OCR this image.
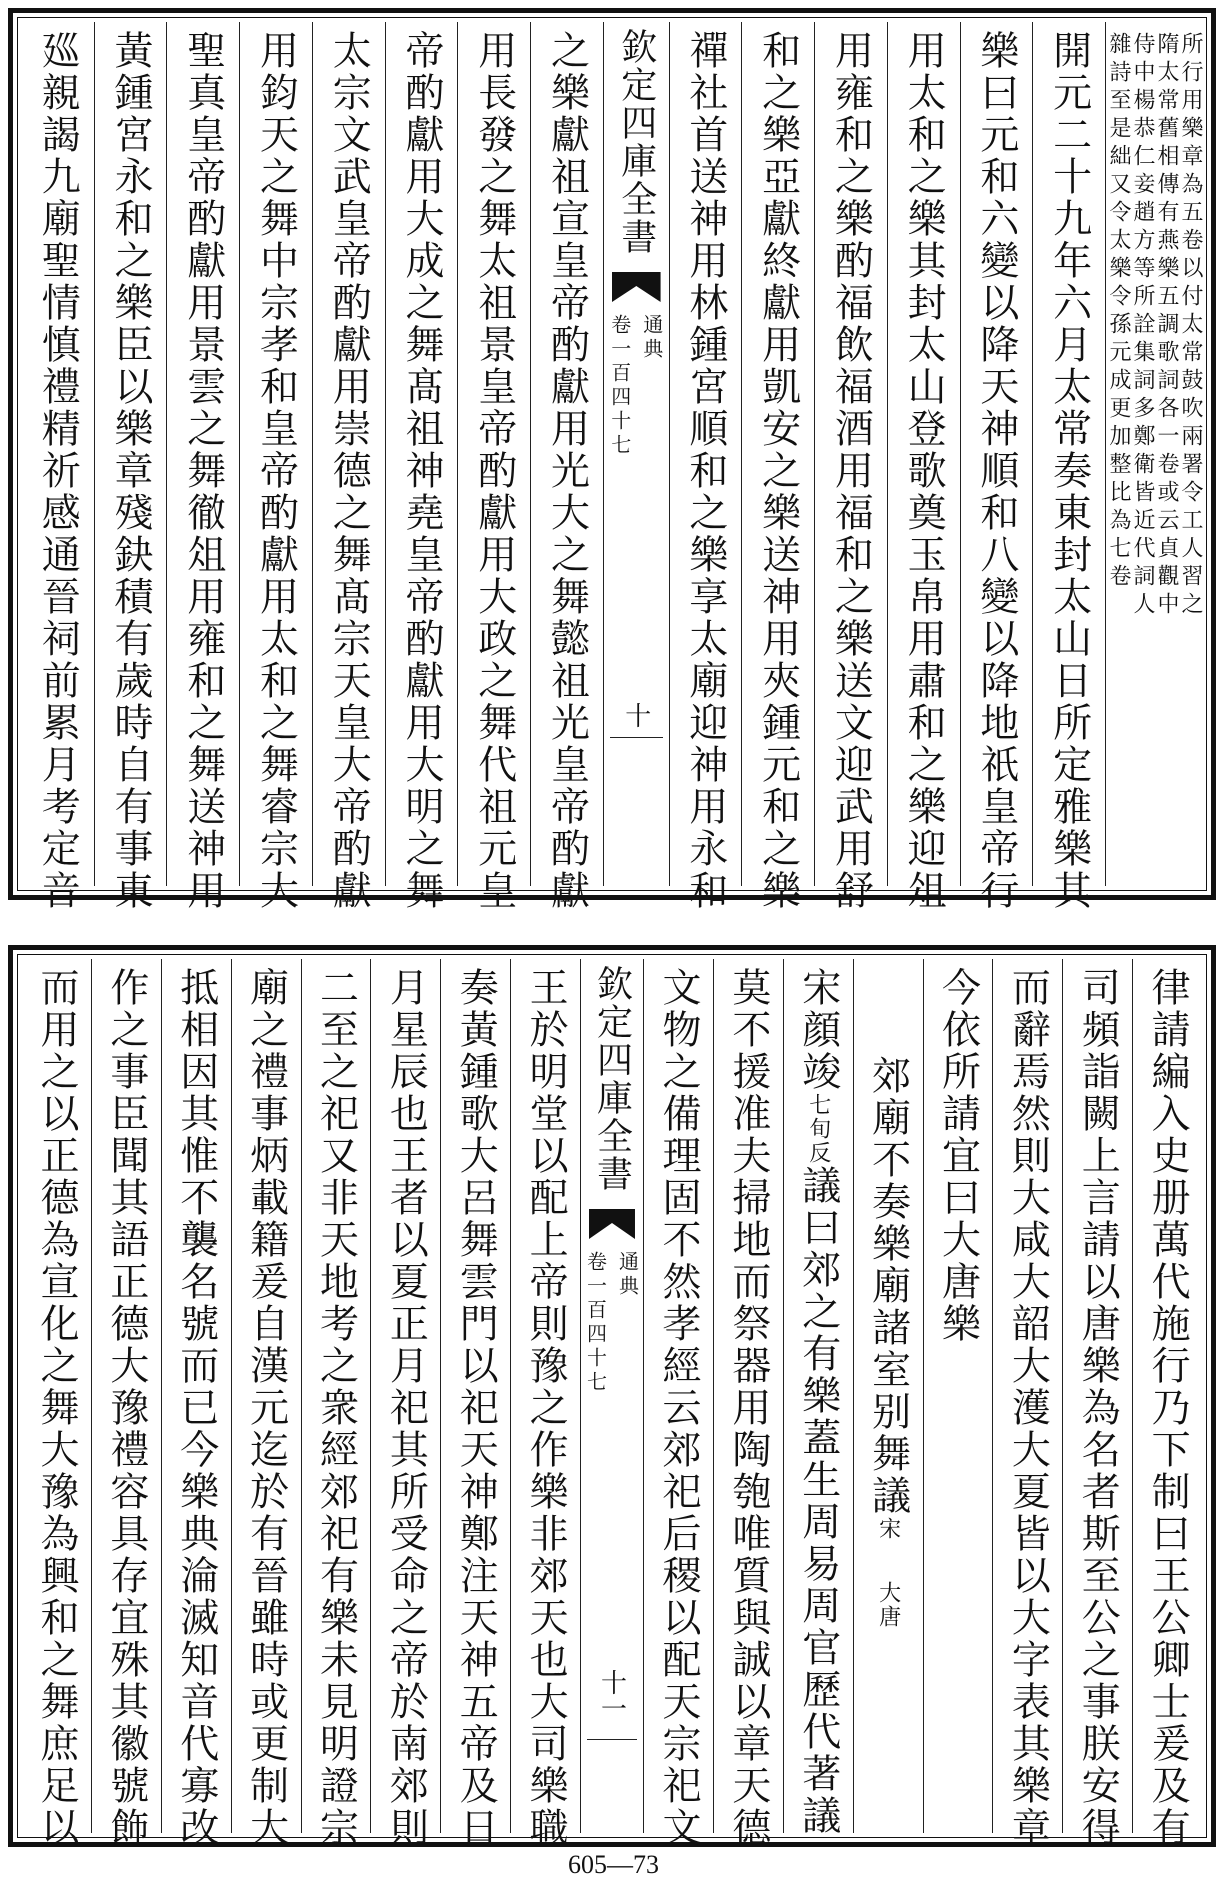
所行用樂章為五卷以付太常鼓吹兩署令工人習之
隋太常舊相傳有燕樂五調歌詞各一卷或云貞觀中
侍中楊恭仁妾趙方等所詮集詞多鄭衛皆近代詞人
雜詩至是絀又令太樂令孫元成更加整比為七卷
開元二十九年六月太常奏東封太山日所定雅樂其
樂曰元和六變以降天神順和八變以降地祇皇帝行
用太和之樂其封太山登歌奠玉帛用肅和之樂迎俎
用雍和之樂酌福飲福酒用福和之樂送文迎武用舒
和之樂亞獻終獻用凱安之樂送神用夾鍾元和之樂
禪社首送神用林鍾宮順和之樂享太廟迎神用永和
欽定四庫全書
通典
卷一百四十七
十
之樂獻祖宣皇帝酌獻用光大之舞懿祖光皇帝酌獻
用長發之舞太祖景皇帝酌獻用大政之舞代祖元皇
帝酌獻用大成之舞髙祖神堯皇帝酌獻用大明之舞
太宗文武皇帝酌獻用崇德之舞髙宗天皇大帝酌獻
用鈞天之舞中宗孝和皇帝酌獻用太和之舞睿宗大
聖真皇帝酌獻用景雲之舞徹俎用雍和之舞送神用
黃鍾宮永和之樂臣以樂章殘鈌積有歲時自有事東
廵親謁九廟聖情慎禮精祈感通晉祠前累月考定音
律請編入史册萬代施行乃下制曰王公卿士爰及有
司頻詣闕上言請以唐樂為名者斯至公之事朕安得
而辭焉然則大咸大韶大濩大夏皆以大字表其樂章
今依所請宜曰大唐樂
郊廟不奏樂廟諸室别舞議宋大唐
宋顔竣七旬反議曰郊之有樂蓋生周易周官歷代著議
莫不援准夫掃地而祭器用陶匏唯質與誠以章天德
文物之備理固不然孝經云郊祀后稷以配天宗祀文
欽定四庫全書
通典
卷一百四十七
十一
王於明堂以配上帝則豫之作樂非郊天也大司樂職
奏黃鍾歌大呂舞雲門以祀天神鄭注天神五帝及日
月星辰也王者以夏正月祀其所受命之帝於南郊則
二至之祀又非天地考之衆經郊祀有樂未見明證宗
廟之禮事炳載籍爰自漢元迄於有晉雖時或更制大
抵相因其惟不襲名號而已今樂典淪滅知音代寡改
作之事臣聞其語正德大豫禮容具存宜殊其徽號飾
而用之以正德為宣化之舞大豫為興和之舞庶足以
605—73
